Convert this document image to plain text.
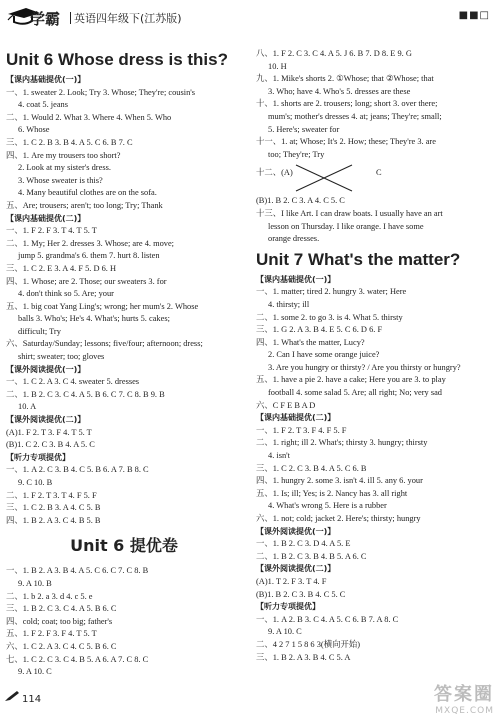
学霸 英语四年级下(江苏版)	■■□
Unit 6 Whose dress is this?
【课内基础提优(一)】
一、1. sweater 2. Look; Try 3. Whose; They're; cousin's
4. coat 5. jeans
二、1. Would 2. What 3. Where 4. When 5. Who
6. Whose
三、1. C 2. B 3. B 4. A 5. C 6. B 7. C
四、1. Are my trousers too short?
2. Look at my sister's dress.
3. Whose sweater is this?
4. Many beautiful clothes are on the sofa.
五、Are; trousers; aren't; too long; Try; Thank
【课内基础提优(二)】
一、1. F 2. F 3. T 4. T 5. T
二、1. My; Her 2. dresses 3. Whose; are 4. move;
jump 5. grandma's 6. them 7. hurt 8. listen
三、1. C 2. E 3. A 4. F 5. D 6. H
四、1. Whose; are 2. Those; our sweaters 3. for
4. don't think so 5. Are; your
五、1. big coat Yang Ling's; wrong; her mum's 2. Whose
balls 3. Who's; He's 4. What's; hurts 5. cakes;
difficult; Try
六、Saturday/Sunday; lessons; five/four; afternoon; dress;
shirt; sweater; too; gloves
【课外阅读提优(一)】
一、1. C 2. A 3. C 4. sweater 5. dresses
二、1. B 2. C 3. C 4. A 5. B 6. C 7. C 8. B 9. B
10. A
【课外阅读提优(二)】
(A)1. F 2. T 3. F 4. T 5. T
(B)1. C 2. C 3. B 4. A 5. C
【听力专项提优】
一、1. A 2. C 3. B 4. C 5. B 6. A 7. B 8. C
9. C 10. B
二、1. F 2. T 3. T 4. F 5. F
三、1. C 2. B 3. A 4. C 5. B
四、1. B 2. A 3. C 4. B 5. B
Unit 6 提优卷
一、1. B 2. A 3. B 4. A 5. C 6. C 7. C 8. B
9. A 10. B
二、1. b 2. a 3. d 4. c 5. e
三、1. B 2. C 3. C 4. A 5. B 6. C
四、cold; coat; too big; father's
五、1. F 2. F 3. F 4. T 5. T
六、1. C 2. A 3. C 4. C 5. B 6. C
七、1. C 2. C 3. C 4. B 5. A 6. A 7. C 8. C
9. A 10. C
八、1. F 2. C 3. C 4. A 5. J 6. B 7. D 8. E 9. G
10. H
九、1. Mike's shorts 2. ①Whose; that ②Whose; that
3. Who; have 4. Who's 5. dresses are these
十、1. shorts are 2. trousers; long; short 3. over there;
mum's; mother's dresses 4. at; jeans; They're; small;
5. Here's; sweater for
十一、1. at; Whose; It's 2. How; these; They're 3. are
too; They're; Try
十二、(A)	C
(B)1. B 2. C 3. A 4. C 5. C
十三、I like Art. I can draw boats. I usually have an art
lesson on Thursday. I like orange. I have some
orange dresses.
Unit 7 What's the matter?
【课内基础提优(一)】
一、1. matter; tired 2. hungry 3. water; Here
4. thirsty; ill
二、1. some 2. to go 3. is 4. What 5. thirsty
三、1. G 2. A 3. B 4. E 5. C 6. D 6. F
四、1. What's the matter, Lucy?
2. Can I have some orange juice?
3. Are you hungry or thirsty? / Are you thirsty or hungry?
五、1. have a pie 2. have a cake; Here you are 3. to play
football 4. some salad 5. Are; all right; No; very sad
六、C F E B A D
【课内基础提优(二)】
一、1. F 2. T 3. F 4. F 5. F
二、1. right; ill 2. What's; thirsty 3. hungry; thirsty
4. isn't
三、1. C 2. C 3. B 4. A 5. C 6. B
四、1. hungry 2. some 3. isn't 4. ill 5. any 6. your
五、1. Is; ill; Yes; is 2. Nancy has 3. all right
4. What's wrong 5. Here is a rubber
六、1. not; cold; jacket 2. Here's; thirsty; hungry
【课外阅读提优(一)】
一、1. B 2. C 3. D 4. A 5. E
二、1. B 2. C 3. B 4. B 5. A 6. C
【课外阅读提优(二)】
(A)1. T 2. F 3. T 4. F
(B)1. B 2. C 3. B 4. C 5. C
【听力专项提优】
一、1. A 2. B 3. C 4. A 5. C 6. B 7. A 8. C
9. A 10. C
二、4 2 7 1 5 8 6 3(横向开始)
三、1. B 2. A 3. B 4. C 5. A
114	答案圈
MXQE.COM
